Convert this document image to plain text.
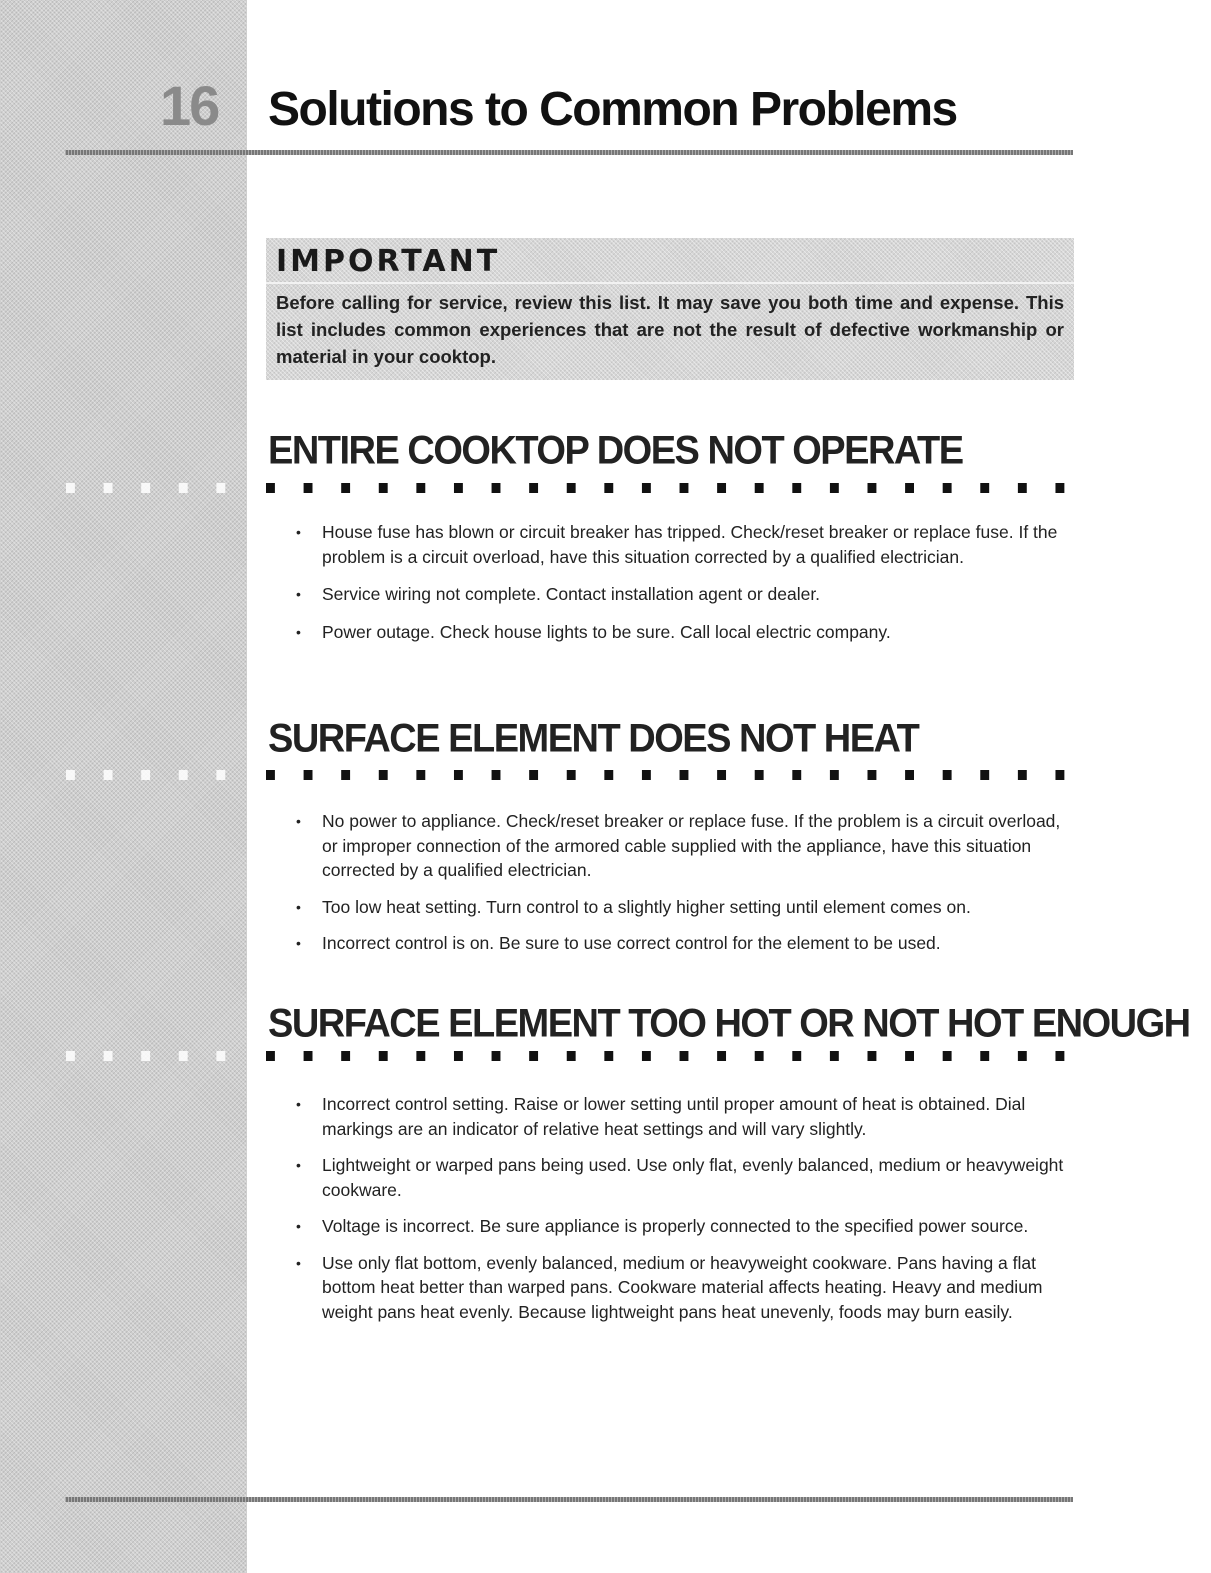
16	Solutions to Common Problems
IMPORTANT
Before calling for service, review this list. It may save you both time and expense. This list includes common experiences that are not the result of defective workmanship or material in your cooktop.
ENTIRE COOKTOP DOES NOT OPERATE
• House fuse has blown or circuit breaker has tripped. Check/reset breaker or replace fuse. If the problem is a circuit overload, have this situation corrected by a qualified electrician.
• Service wiring not complete. Contact installation agent or dealer.
• Power outage. Check house lights to be sure. Call local electric company.
SURFACE ELEMENT DOES NOT HEAT
• No power to appliance. Check/reset breaker or replace fuse. If the problem is a circuit overload, or improper connection of the armored cable supplied with the appliance, have this situation corrected by a qualified electrician.
• Too low heat setting. Turn control to a slightly higher setting until element comes on.
• Incorrect control is on. Be sure to use correct control for the element to be used.
SURFACE ELEMENT TOO HOT OR NOT HOT ENOUGH
• Incorrect control setting. Raise or lower setting until proper amount of heat is obtained. Dial markings are an indicator of relative heat settings and will vary slightly.
• Lightweight or warped pans being used. Use only flat, evenly balanced, medium or heavyweight cookware.
• Voltage is incorrect. Be sure appliance is properly connected to the specified power source.
• Use only flat bottom, evenly balanced, medium or heavyweight cookware. Pans having a flat bottom heat better than warped pans. Cookware material affects heating. Heavy and medium weight pans heat evenly. Because lightweight pans heat unevenly, foods may burn easily.
